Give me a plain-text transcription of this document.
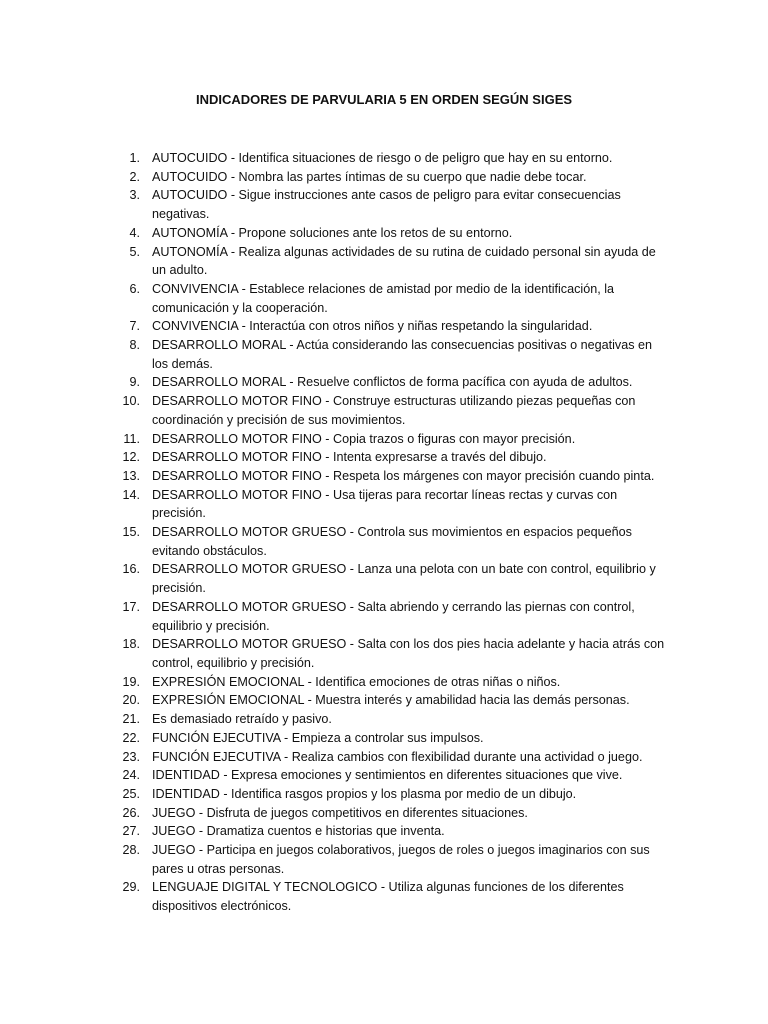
INDICADORES DE PARVULARIA 5 EN ORDEN SEGÚN SIGES
1. AUTOCUIDO - Identifica situaciones de riesgo o de peligro que hay en su entorno.
2. AUTOCUIDO - Nombra las partes íntimas de su cuerpo que nadie debe tocar.
3. AUTOCUIDO - Sigue instrucciones ante casos de peligro para evitar consecuencias negativas.
4. AUTONOMÍA - Propone soluciones ante los retos de su entorno.
5. AUTONOMÍA - Realiza algunas actividades de su rutina de cuidado personal sin ayuda de un adulto.
6. CONVIVENCIA - Establece relaciones de amistad por medio de la identificación, la comunicación y la cooperación.
7. CONVIVENCIA - Interactúa con otros niños y niñas respetando la singularidad.
8. DESARROLLO MORAL - Actúa considerando las consecuencias positivas o negativas en los demás.
9. DESARROLLO MORAL - Resuelve conflictos de forma pacífica con ayuda de adultos.
10. DESARROLLO MOTOR FINO - Construye estructuras utilizando piezas pequeñas con coordinación y precisión de sus movimientos.
11. DESARROLLO MOTOR FINO - Copia trazos o figuras con mayor precisión.
12. DESARROLLO MOTOR FINO - Intenta expresarse a través del dibujo.
13. DESARROLLO MOTOR FINO - Respeta los márgenes con mayor precisión cuando pinta.
14. DESARROLLO MOTOR FINO - Usa tijeras para recortar líneas rectas y curvas con precisión.
15. DESARROLLO MOTOR GRUESO - Controla sus movimientos en espacios pequeños evitando obstáculos.
16. DESARROLLO MOTOR GRUESO - Lanza una pelota con un bate con control, equilibrio y precisión.
17. DESARROLLO MOTOR GRUESO - Salta abriendo y cerrando las piernas con control, equilibrio y precisión.
18. DESARROLLO MOTOR GRUESO - Salta con los dos pies hacia adelante y hacia atrás con control, equilibrio y precisión.
19. EXPRESIÓN EMOCIONAL - Identifica emociones de otras niñas o niños.
20. EXPRESIÓN EMOCIONAL - Muestra interés y amabilidad hacia las demás personas.
21. Es demasiado retraído y pasivo.
22. FUNCIÓN EJECUTIVA - Empieza a controlar sus impulsos.
23. FUNCIÓN EJECUTIVA - Realiza cambios con flexibilidad durante una actividad o juego.
24. IDENTIDAD - Expresa emociones y sentimientos en diferentes situaciones que vive.
25. IDENTIDAD - Identifica rasgos propios y los plasma por medio de un dibujo.
26. JUEGO - Disfruta de juegos competitivos en diferentes situaciones.
27. JUEGO - Dramatiza cuentos e historias que inventa.
28. JUEGO - Participa en juegos colaborativos, juegos de roles o juegos imaginarios con sus pares u otras personas.
29. LENGUAJE DIGITAL Y TECNOLOGICO - Utiliza algunas funciones de los diferentes dispositivos electrónicos.
